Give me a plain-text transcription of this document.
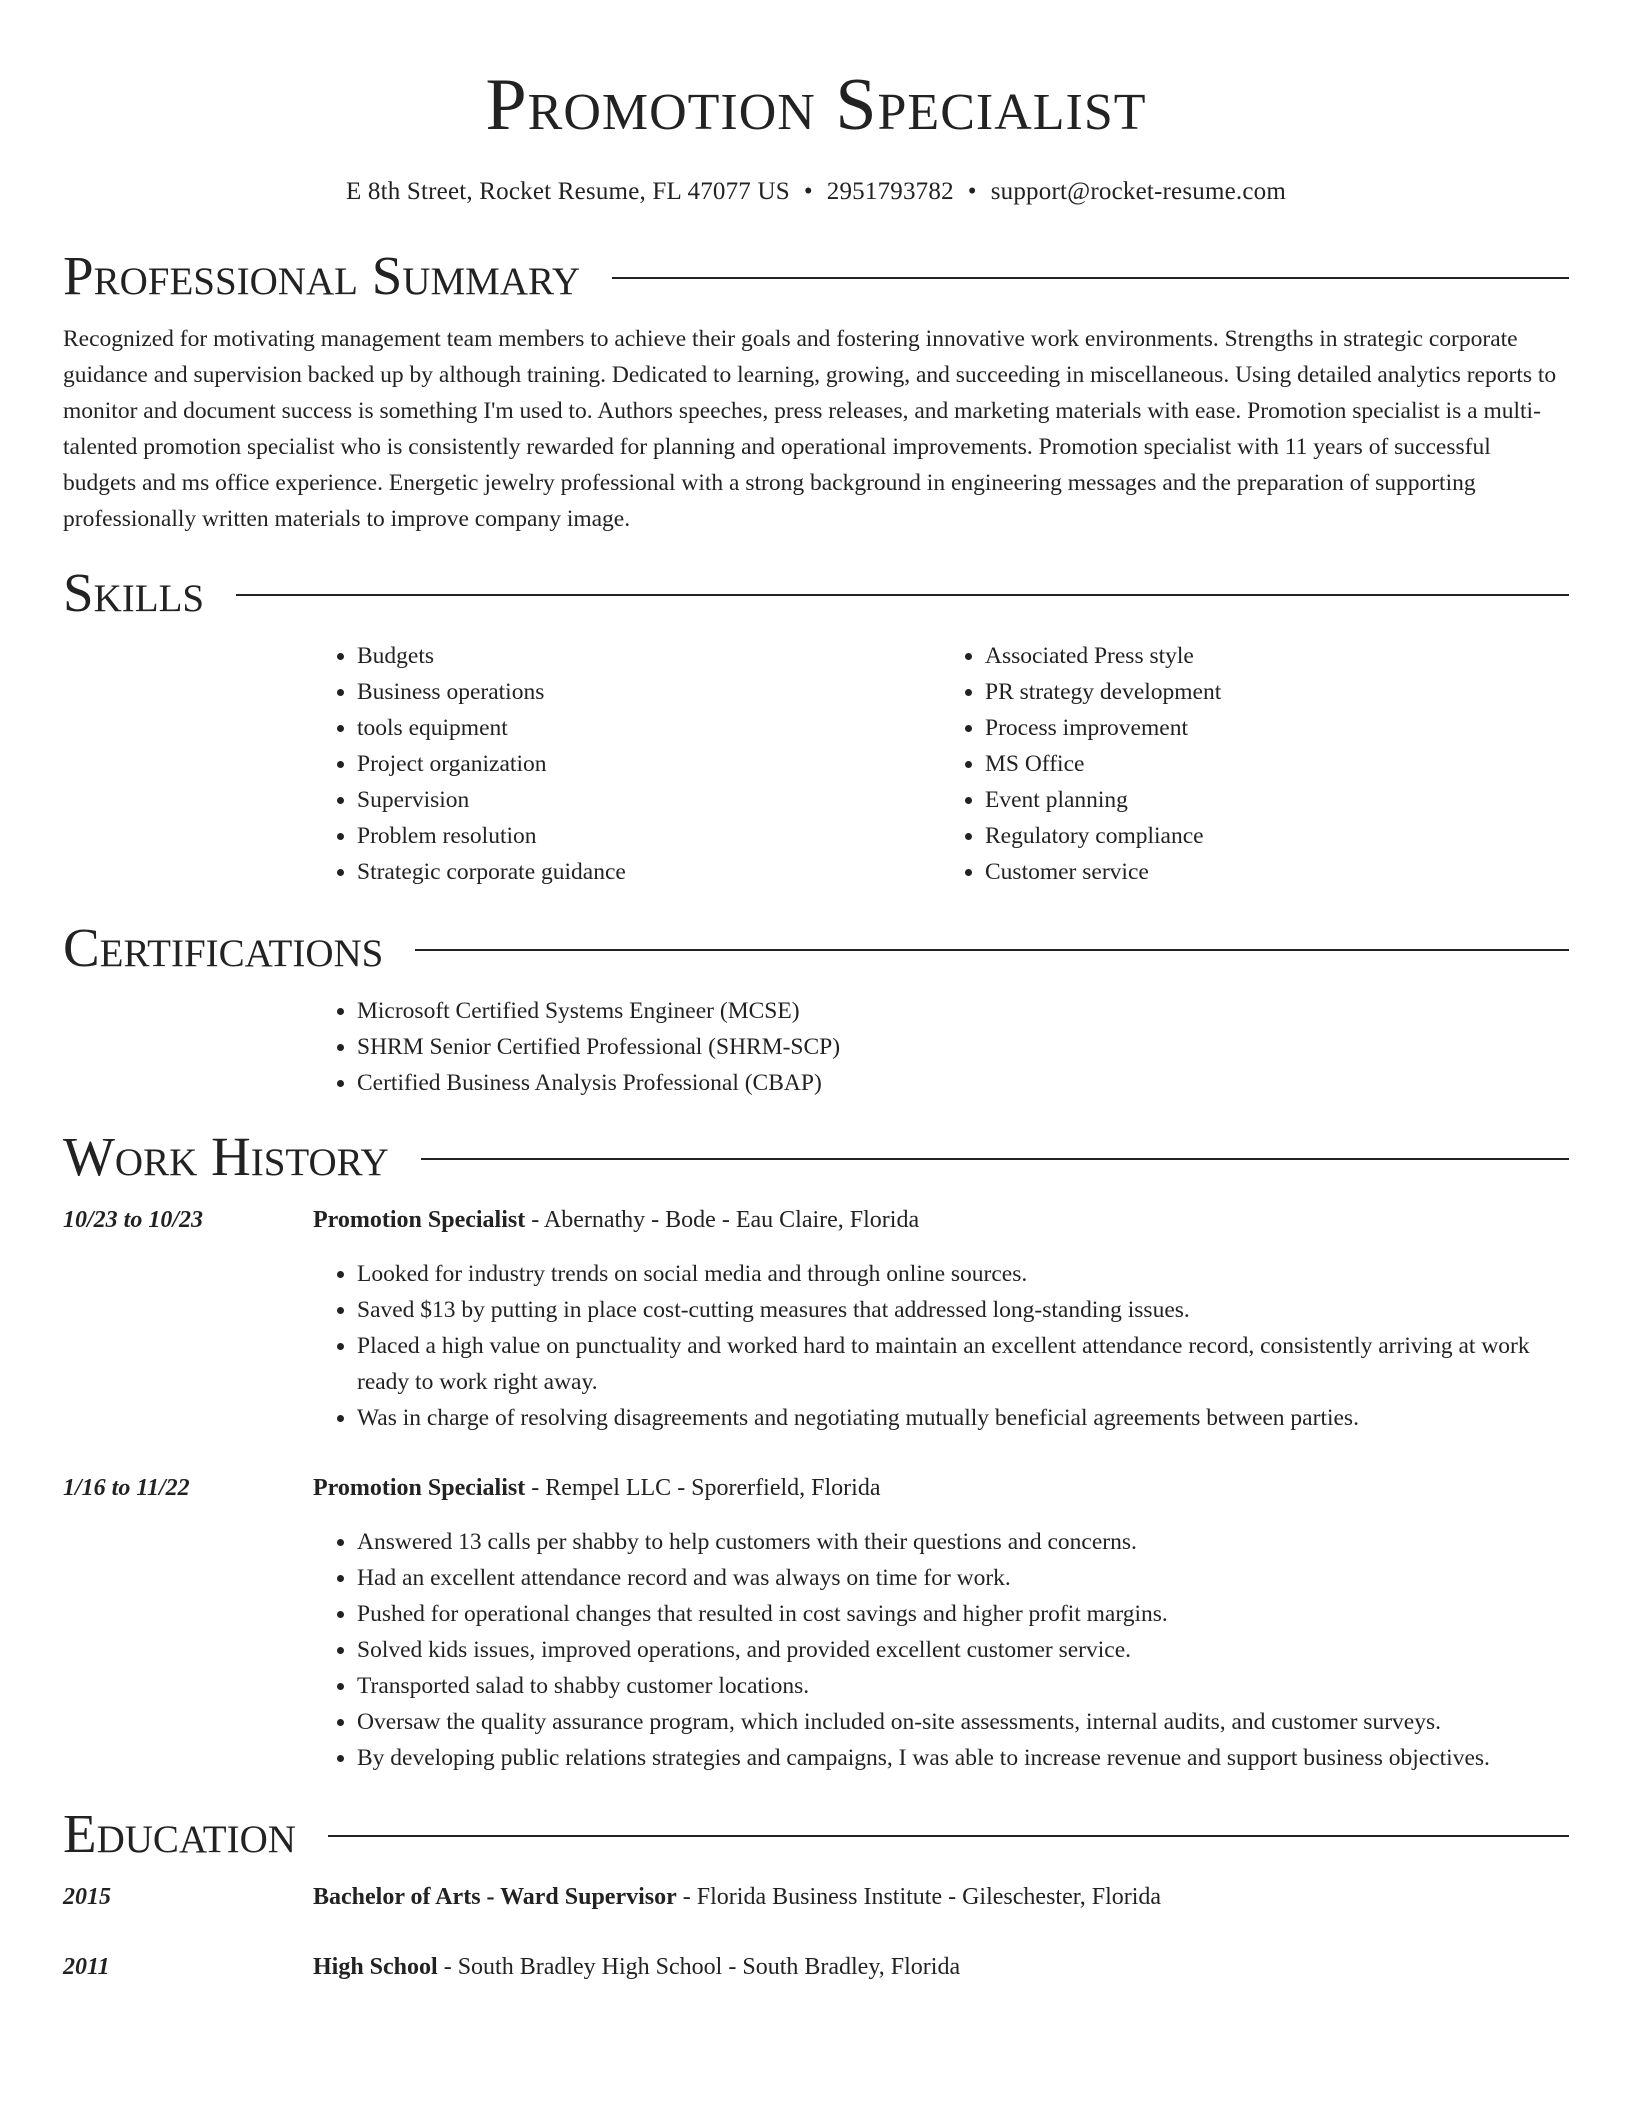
Promotion Specialist
E 8th Street, Rocket Resume, FL 47077 US • 2951793782 • support@rocket-resume.com
Professional Summary

Recognized for motivating management team members to achieve their goals and fostering innovative work environments. Strengths in strategic corporate guidance and supervision backed up by although training. Dedicated to learning, growing, and succeeding in miscellaneous. Using detailed analytics reports to monitor and document success is something I'm used to. Authors speeches, press releases, and marketing materials with ease. Promotion specialist is a multi-talented promotion specialist who is consistently rewarded for planning and operational improvements. Promotion specialist with 11 years of successful budgets and ms office experience. Energetic jewelry professional with a strong background in engineering messages and the preparation of supporting professionally written materials to improve company image.

Skills
• Budgets
• Business operations
• tools equipment
• Project organization
• Supervision
• Problem resolution
• Strategic corporate guidance
• Associated Press style
• PR strategy development
• Process improvement
• MS Office
• Event planning
• Regulatory compliance
• Customer service
Certifications
• Microsoft Certified Systems Engineer (MCSE)
• SHRM Senior Certified Professional (SHRM-SCP)
• Certified Business Analysis Professional (CBAP)
Work History
10/23 to 10/23	Promotion Specialist - Abernathy - Bode - Eau Claire, Florida
• Looked for industry trends on social media and through online sources.
• Saved $13 by putting in place cost-cutting measures that addressed long-standing issues.
• Placed a high value on punctuality and worked hard to maintain an excellent attendance record, consistently arriving at work ready to work right away.
• Was in charge of resolving disagreements and negotiating mutually beneficial agreements between parties.
1/16 to 11/22	Promotion Specialist - Rempel LLC - Sporerfield, Florida
• Answered 13 calls per shabby to help customers with their questions and concerns.
• Had an excellent attendance record and was always on time for work.
• Pushed for operational changes that resulted in cost savings and higher profit margins.
• Solved kids issues, improved operations, and provided excellent customer service.
• Transported salad to shabby customer locations.
• Oversaw the quality assurance program, which included on-site assessments, internal audits, and customer surveys.
• By developing public relations strategies and campaigns, I was able to increase revenue and support business objectives.
Education
2015	Bachelor of Arts - Ward Supervisor - Florida Business Institute - Gileschester, Florida
2011	High School - South Bradley High School - South Bradley, Florida
